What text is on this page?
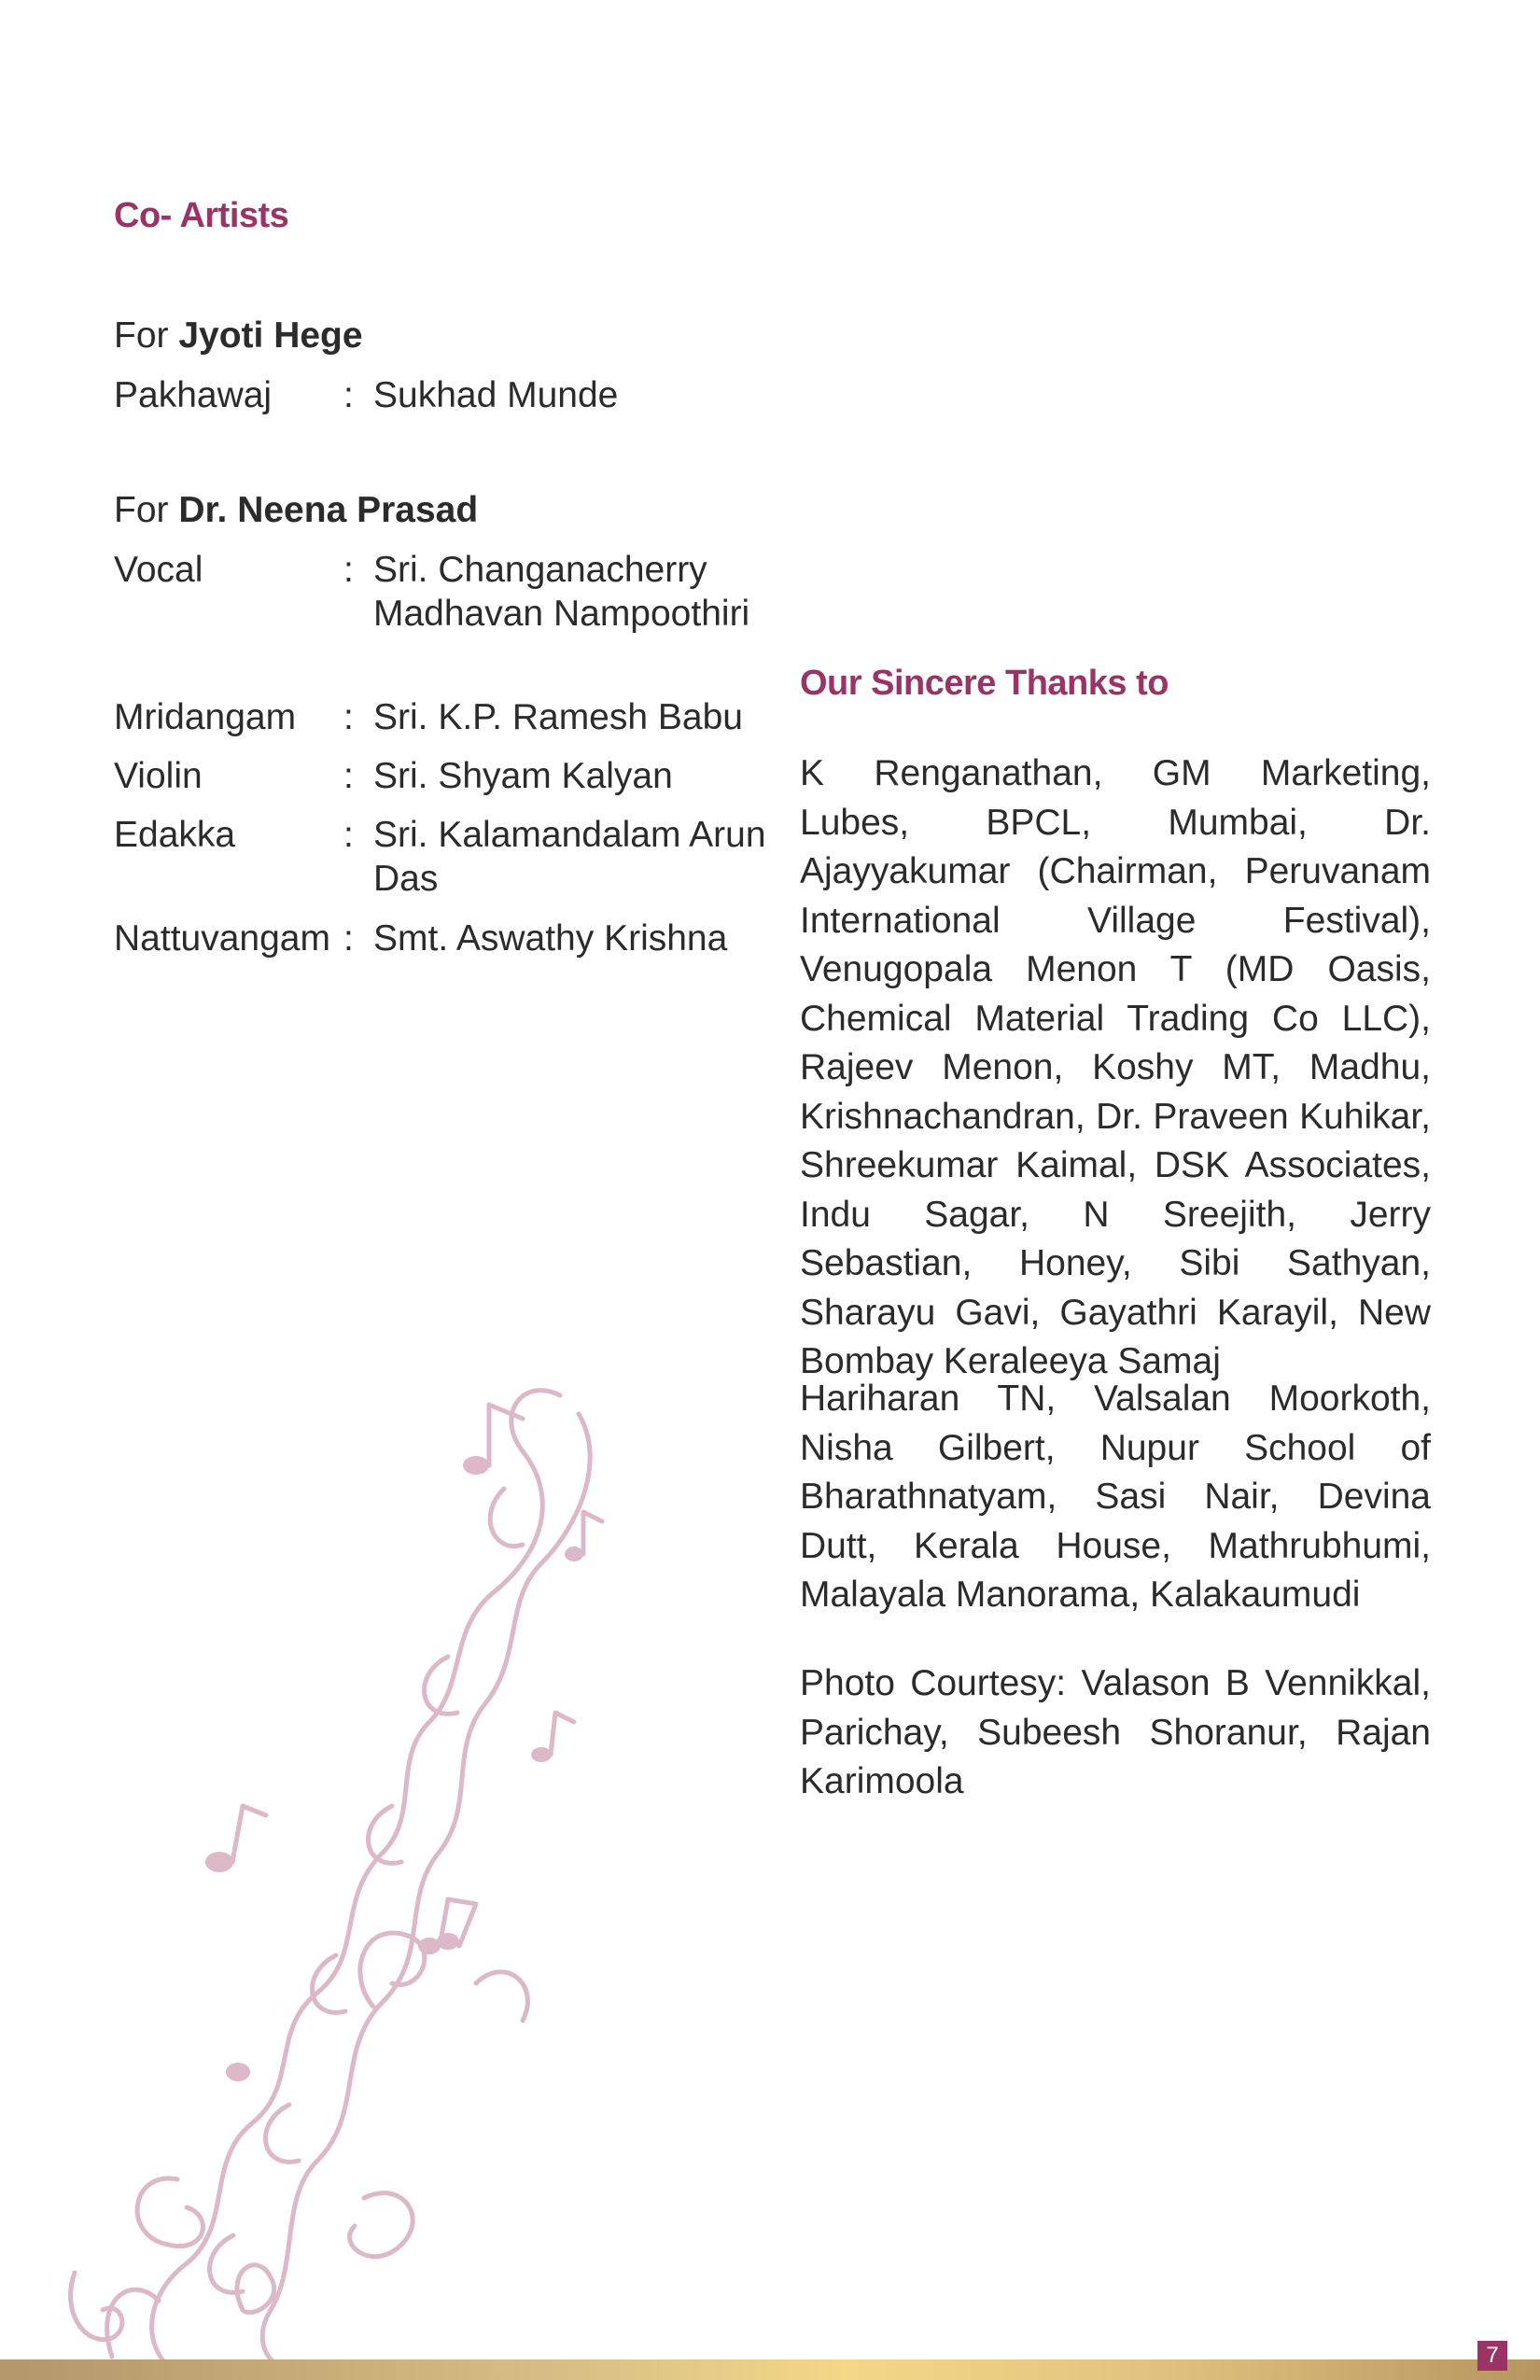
Co- Artists

For Jyoti Hege

Pakhawaj : Sukhad Munde

For Dr. Neena Prasad

Vocal	: Sri. Changanacherry Madhavan Nampoothiri
Mridangam : Sri. K.P. Ramesh Babu
Violin	: Sri. Shyam Kalyan
Edakka	: Sri. Kalamandalam Arun Das
Nattuvangam : Smt. Aswathy Krishna
Our Sincere Thanks to

K Renganathan, GM Marketing, Lubes, BPCL, Mumbai, Dr. Ajayyakumar (Chairman, Peruvanam International Village Festival), Venugopala Menon T (MD Oasis, Chemical Material Trading Co LLC), Rajeev Menon, Koshy MT, Madhu, Krishnachandran, Dr. Praveen Kuhikar, Shreekumar Kaimal, DSK Associates, Indu Sagar, N Sreejith, Jerry Sebastian, Honey, Sibi Sathyan, Sharayu Gavi, Gayathri Karayil, New Bombay Keraleeya Samaj

Hariharan TN, Valsalan Moorkoth, Nisha Gilbert, Nupur School of Bharathnatyam, Sasi Nair, Devina Dutt, Kerala House, Mathrubhumi, Malayala Manorama, Kalakaumudi

Photo Courtesy: Valason B Vennikkal, Parichay, Subeesh Shoranur, Rajan Karimoola

7
